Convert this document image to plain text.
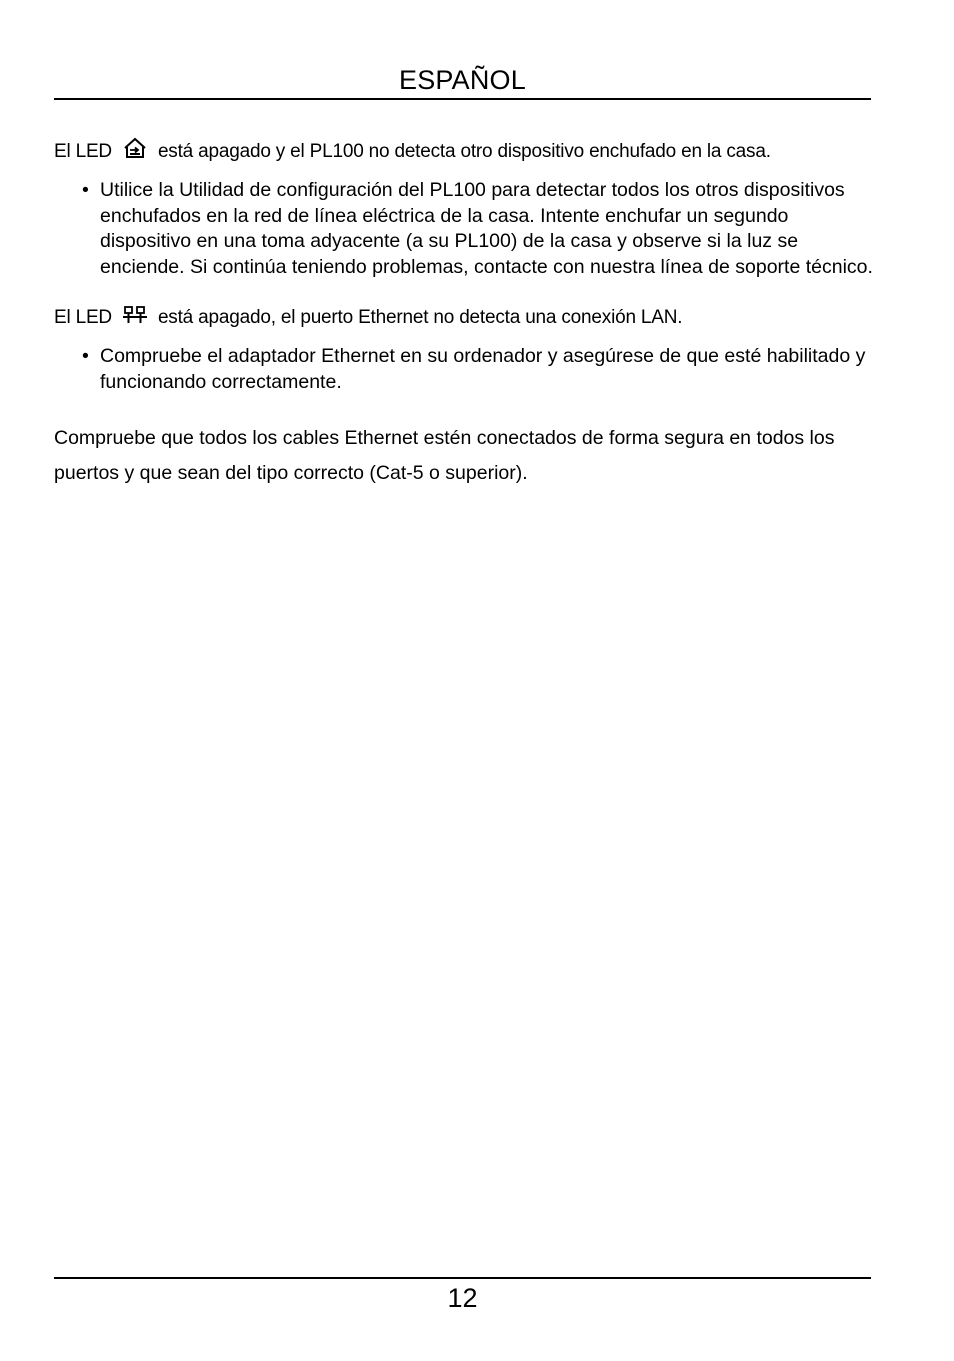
ESPAÑOL
El LED está apagado y el PL100 no detecta otro dispositivo enchufado en la casa.
• Utilice la Utilidad de configuración del PL100 para detectar todos los otros dispositivos enchufados en la red de línea eléctrica de la casa. Intente enchufar un segundo dispositivo en una toma adyacente (a su PL100) de la casa y observe si la luz se enciende. Si continúa teniendo problemas, contacte con nuestra línea de soporte técnico.
El LED está apagado, el puerto Ethernet no detecta una conexión LAN.
• Compruebe el adaptador Ethernet en su ordenador y asegúrese de que esté habilitado y funcionando correctamente.

Compruebe que todos los cables Ethernet estén conectados de forma segura en todos los puertos y que sean del tipo correcto (Cat-5 o superior).

12
